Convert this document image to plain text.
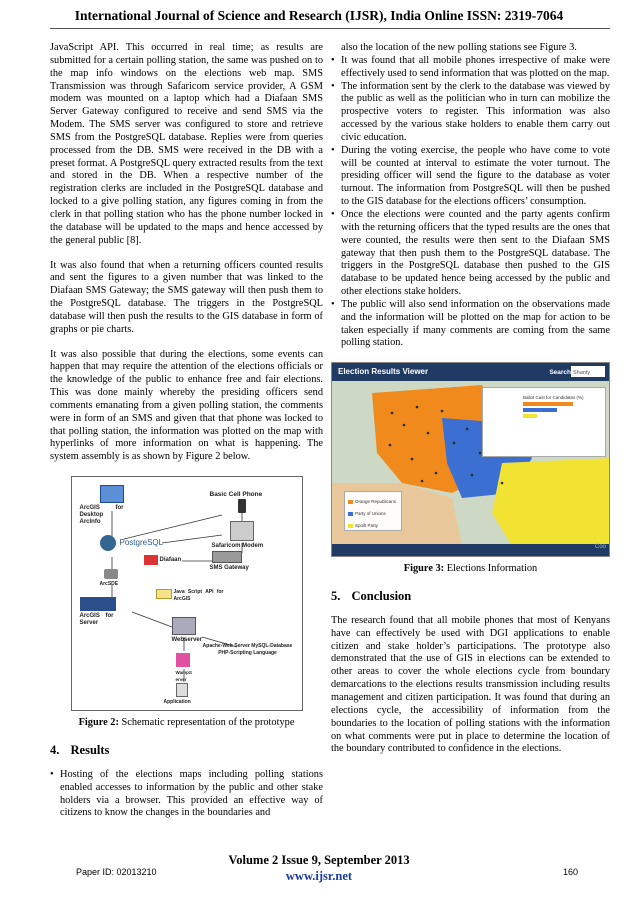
International Journal of Science and Research (IJSR), India Online ISSN: 2319-7064

JavaScript API. This occurred in real time; as results are submitted for a certain polling station, the same was pushed on to the map info windows on the elections web map. SMS Transmission was through Safaricom service provider, A GSM modem was mounted on a laptop which had a Diafaan SMS Server Gateway configured to receive and send SMS via the Modem. The SMS server was configured to store and retrieve SMS from the PostgreSQL database. Replies were from queries processed from the DB. SMS were received in the DB with a preset format. A PostgreSQL query extracted results from the text and stored in the DB. When a respective number of the registration clerks are included in the PostgreSQL database and locked to a give polling station, any figures coming in from the clerk in that polling station who has the phone number locked in the database will be updated to the maps and hence accessed by the general public [8].

It was also found that when a returning officers counted results and sent the figures to a given number that was linked to the Diafaan SMS Gateway; the SMS gateway will then push them to the PostgreSQL database. The triggers in the PostgreSQL database will then push the results to the GIS database in form of graphs or pie charts.

It was also possible that during the elections, some events can happen that may require the attention of the elections officials or the knowledge of the public to enhance free and fair elections. This was done mainly whereby the presiding officers send comments emanating from a given polling station, the comments were in form of an SMS and given that that phone was locked to that polling station, the information was plotted on the map with hyperlinks of more information on what is happening. The system assembly is as shown by Figure 2 below.

ArcGIS for Desktop ArcInfo
PostgreSQL
ArcSDE
Java Script API for ArcGIS
ArcGIS for Server
Basic Cell Phone
Safaricom Modem
Diafaan
SMS Gateway
Webserver
Apache-Web Server MySQL-Database PHP-Scripting Language
WampS erver
Application
Figure 2: Schematic representation of the prototype
4. Results
• Hosting of the elections maps including polling stations enabled accesses to information by the public and other stake holders via a browser. This provided an effective way of citizens to know the changes in the boundaries and
also the location of the new polling stations see Figure 3.
• It was found that all mobile phones irrespective of make were effectively used to send information that was plotted on the map.
• The information sent by the clerk to the database was viewed by the public as well as the politician who in turn can mobilize the prospective voters to register. This information was also accessed by the various stake holders to enable them carry out civic education.
• During the voting exercise, the people who have come to vote will be counted at interval to estimate the voter turnout. The presiding officer will send the figure to the database as voter turnout. The information from PostgreSQL will then be pushed to the GIS database for the elections officers’ consumption.
• Once the elections were counted and the party agents confirm with the returning officers that the typed results are the ones that were counted, the results were then sent to the Diafaan SMS gateway that then push them to the PostgreSQL database. The triggers in the PostgreSQL database then pushed to the GIS database to be updated hence being accessed by the public and other elections stake holders.
• The public will also send information on the observations made and the information will be plotted on the map for action to be taken especially if many comments are coming from the same polling station.
Election Results Viewer	Search Shanty
Ballot Cast for Candidates (%)
Orange Republicans
Party of Unions
Spoilt Party
Coo
Figure 3: Elections Information
5. Conclusion

The research found that all mobile phones that most of Kenyans have can effectively be used with DGI applications to enable citizen and stake holder’s participations. The prototype also demonstrated that the use of GIS in elections can be extended to other areas to cover the whole elections cycle from boundary demarcations to the elections results transmission including results management and citizen participation. It was found that during an elections cycle, the accessibility of information from the boundaries to the location of polling stations with the information on what comments were put in place to determine the location of the boundary contributed to confidence in the elections.

Volume 2 Issue 9, September 2013
www.ijsr.net
Paper ID: 02013210	160
